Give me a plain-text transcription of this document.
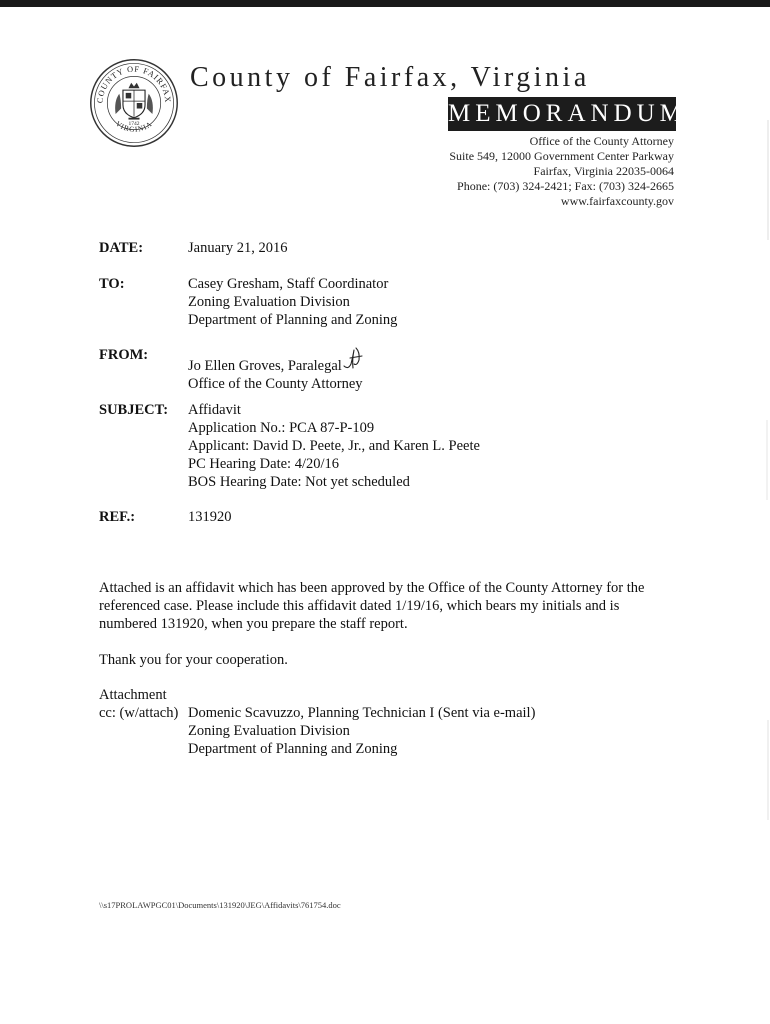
COUNTY OF FAIRFAX
VIRGINIA
1742
County of Fairfax, Virginia
MEMORANDUM
Office of the County Attorney
Suite 549, 12000 Government Center Parkway
Fairfax, Virginia 22035-0064
Phone: (703) 324-2421; Fax: (703) 324-2665
www.fairfaxcounty.gov
DATE:	January 21, 2016
TO:	Casey Gresham, Staff Coordinator
Zoning Evaluation Division
Department of Planning and Zoning
FROM:
Jo Ellen Groves, Paralegal
Office of the County Attorney
SUBJECT: Affidavit
Application No.: PCA 87-P-109
Applicant: David D. Peete, Jr., and Karen L. Peete
PC Hearing Date: 4/20/16
BOS Hearing Date: Not yet scheduled
REF.:	131920
Attached is an affidavit which has been approved by the Office of the County Attorney for the
referenced case. Please include this affidavit dated 1/19/16, which bears my initials and is
numbered 131920, when you prepare the staff report.
Thank you for your cooperation.
Attachment
cc: (w/attach) Domenic Scavuzzo, Planning Technician I (Sent via e-mail)
Zoning Evaluation Division
Department of Planning and Zoning
\\s17PROLAWPGC01\Documents\131920\JEG\Affidavits\761754.doc
